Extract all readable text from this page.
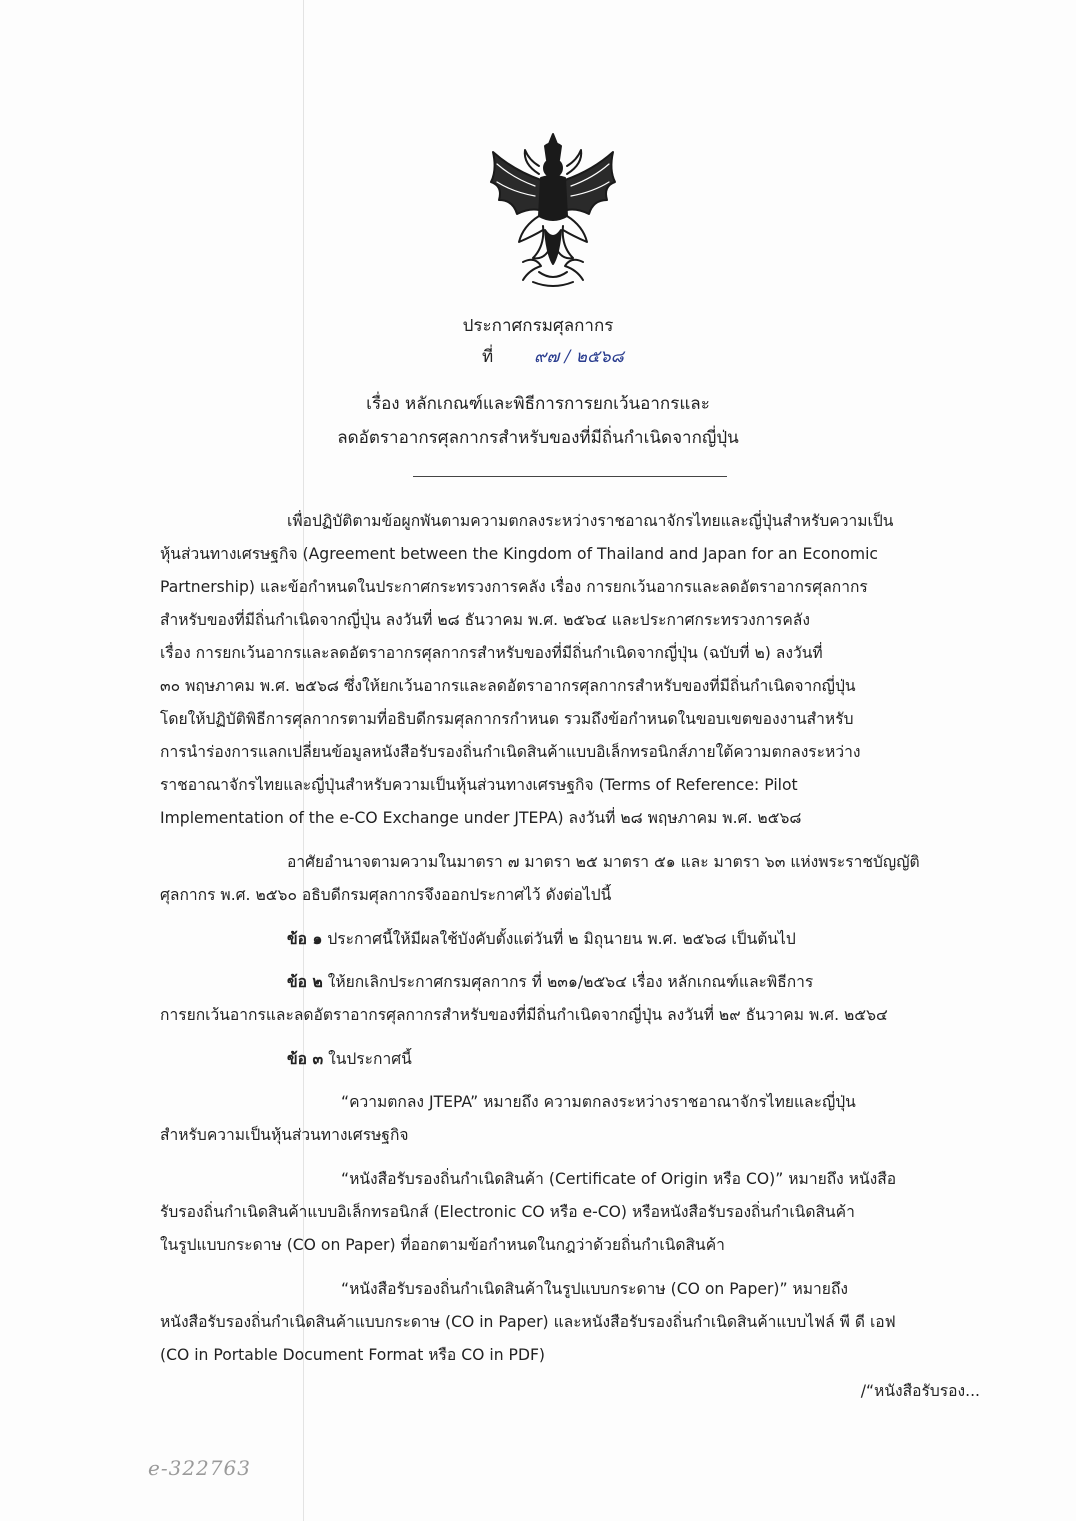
ประกาศกรมศุลกากร
ที่ ๙๗ / ๒๕๖๘
เรื่อง หลักเกณฑ์และพิธีการการยกเว้นอากรและ
ลดอัตราอากรศุลกากรสำหรับของที่มีถิ่นกำเนิดจากญี่ปุ่น
เพื่อปฏิบัติตามข้อผูกพันตามความตกลงระหว่างราชอาณาจักรไทยและญี่ปุ่นสำหรับความเป็น
หุ้นส่วนทางเศรษฐกิจ (Agreement between the Kingdom of Thailand and Japan for an Economic
Partnership) และข้อกำหนดในประกาศกระทรวงการคลัง เรื่อง การยกเว้นอากรและลดอัตราอากรศุลกากร
สำหรับของที่มีถิ่นกำเนิดจากญี่ปุ่น ลงวันที่ ๒๘ ธันวาคม พ.ศ. ๒๕๖๔ และประกาศกระทรวงการคลัง
เรื่อง การยกเว้นอากรและลดอัตราอากรศุลกากรสำหรับของที่มีถิ่นกำเนิดจากญี่ปุ่น (ฉบับที่ ๒) ลงวันที่
๓๐ พฤษภาคม พ.ศ. ๒๕๖๘ ซึ่งให้ยกเว้นอากรและลดอัตราอากรศุลกากรสำหรับของที่มีถิ่นกำเนิดจากญี่ปุ่น
โดยให้ปฏิบัติพิธีการศุลกากรตามที่อธิบดีกรมศุลกากรกำหนด รวมถึงข้อกำหนดในขอบเขตของงานสำหรับ
การนำร่องการแลกเปลี่ยนข้อมูลหนังสือรับรองถิ่นกำเนิดสินค้าแบบอิเล็กทรอนิกส์ภายใต้ความตกลงระหว่าง
ราชอาณาจักรไทยและญี่ปุ่นสำหรับความเป็นหุ้นส่วนทางเศรษฐกิจ (Terms of Reference: Pilot
Implementation of the e-CO Exchange under JTEPA) ลงวันที่ ๒๘ พฤษภาคม พ.ศ. ๒๕๖๘
อาศัยอำนาจตามความในมาตรา ๗ มาตรา ๒๕ มาตรา ๕๑ และ มาตรา ๖๓ แห่งพระราชบัญญัติ
ศุลกากร พ.ศ. ๒๕๖๐ อธิบดีกรมศุลกากรจึงออกประกาศไว้ ดังต่อไปนี้
ข้อ ๑ ประกาศนี้ให้มีผลใช้บังคับตั้งแต่วันที่ ๒ มิถุนายน พ.ศ. ๒๕๖๘ เป็นต้นไป
ข้อ ๒ ให้ยกเลิกประกาศกรมศุลกากร ที่ ๒๓๑/๒๕๖๔ เรื่อง หลักเกณฑ์และพิธีการ
การยกเว้นอากรและลดอัตราอากรศุลกากรสำหรับของที่มีถิ่นกำเนิดจากญี่ปุ่น ลงวันที่ ๒๙ ธันวาคม พ.ศ. ๒๕๖๔
ข้อ ๓ ในประกาศนี้
“ความตกลง JTEPA” หมายถึง ความตกลงระหว่างราชอาณาจักรไทยและญี่ปุ่น
สำหรับความเป็นหุ้นส่วนทางเศรษฐกิจ
“หนังสือรับรองถิ่นกำเนิดสินค้า (Certificate of Origin หรือ CO)” หมายถึง หนังสือ
รับรองถิ่นกำเนิดสินค้าแบบอิเล็กทรอนิกส์ (Electronic CO หรือ e-CO) หรือหนังสือรับรองถิ่นกำเนิดสินค้า
ในรูปแบบกระดาษ (CO on Paper) ที่ออกตามข้อกำหนดในกฎว่าด้วยถิ่นกำเนิดสินค้า
“หนังสือรับรองถิ่นกำเนิดสินค้าในรูปแบบกระดาษ (CO on Paper)” หมายถึง
หนังสือรับรองถิ่นกำเนิดสินค้าแบบกระดาษ (CO in Paper) และหนังสือรับรองถิ่นกำเนิดสินค้าแบบไฟล์ พี ดี เอฟ
(CO in Portable Document Format หรือ CO in PDF)
/“หนังสือรับรอง...
e-322763
